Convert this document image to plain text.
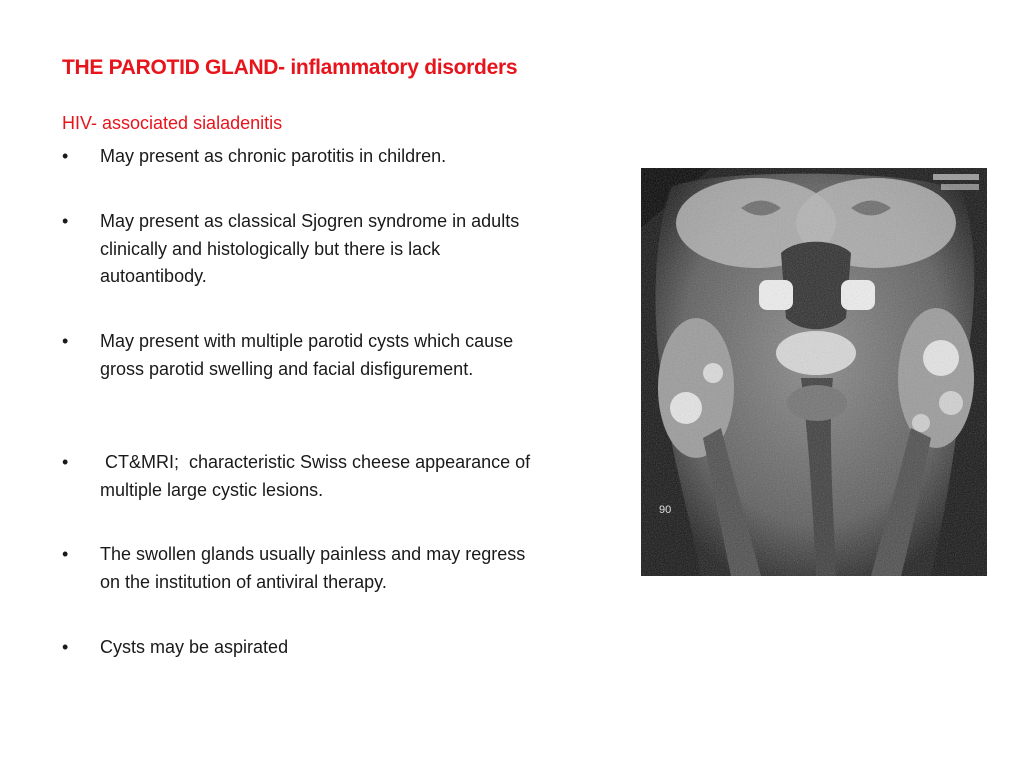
THE PAROTID GLAND- inflammatory disorders
HIV- associated sialadenitis
•	May present as chronic parotitis in children.
•	May present as classical Sjogren syndrome in adults clinically and histologically but there is lack autoantibody.
•	May present with multiple parotid cysts which cause gross parotid swelling and facial disfigurement.
•	CT&MRI;  characteristic Swiss cheese appearance of multiple large cystic lesions.
•	The swollen glands usually painless and may regress on the institution of antiviral therapy.
•	Cysts may be aspirated
90
